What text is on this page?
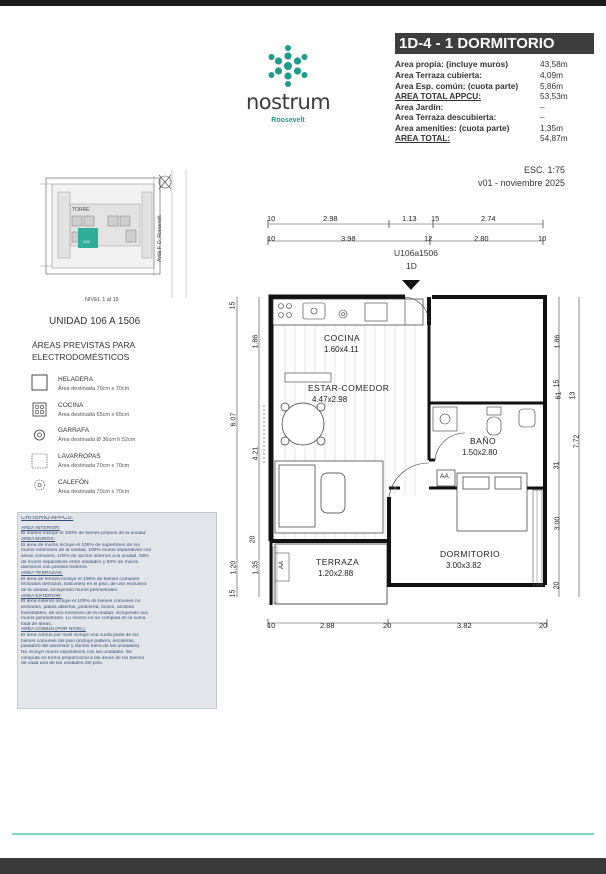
nostrum
Roosevelt
1D-4 - 1 DORMITORIO
Area propia: (incluye muros)	43,58m
Area Terraza cubierta:	4,09m
Area Esp. común: (cuota parte)	5,86m
AREA TOTAL APPCU:	53,53m
Area Jardín:	–
Area Terraza descubierta:	–
Area amenities: (cuota parte)	1,35m
AREA TOTAL:	54,87m
ESC. 1:75
v01 - noviembre 2025
TORRE
106	Avda F. D. Roosevelt
NIVEL 1 al 15
UNIDAD 106 A 1506
ÁREAS PREVISTAS PARA ELECTRODOMÉSTICOS
HELADERA
Área destinada 70cm x 70cm
COCINA
Área destinada 65cm x 65cm
GARRAFA
Área destinada Ø 36cm h:52cm
LAVARROPAS
Área destinada 70cm x 70cm
CALEFÓN
Área destinada 70cm x 70cm
CRITERIO APPCU:
AREA INTERIOR:
El interior incluye el 100% de bienes propios de la unidad.
AREA MUROS:
El área de muros incluye el 100% de superficies de los
muros exteriores de la unidad, 100% muros separativos con
áreas comunes, 100% de ductos internos a la unidad, 50%
de muros separativos entre unidades y 50% de muros
divisorios con predios linderos.
AREA TERRAZAS:
El área de terraza incluye el 100% de bienes comunes
techados (terrazas, balcones) en el piso, de uso exclusivo
de la unidad, incluyendo muros perimetrales.
AREA EXTERIOR:
El área exterior incluye el 100% de bienes comunes no
techados, patios abiertos, jardinería, boxes, azoteas
transitables, de uso exclusivo de la unidad, incluyendo sus
muros perimetrales. Lo mismo no se computa en la suma
total de áreas.
AREA COMUN (POR NIVEL):
El área común por nivel incluye una cuota parte de los
bienes comunes del piso (incluye palliers, escaleras,
pasadizo del ascensor y ductos fuera de las unidades).
No incluye muros separativos con las unidades. Se
computa en forma proporcional a las áreas de los bienes
de cada una de las unidades del piso.
U106a1506
1D
10	2.98	1.13 15	2.74
10	3.98	12	2.80	10
10	2.88	20	3.82	20
15
1.86
6.07
4.21
20
1.35
1.20
15
1.86
15
61 13
7.72
31
3.00
20
COCINA
1.60x4.11
ESTAR-COMEDOR
4.47x2.98
BAÑO
1.50x2.80
TERRAZA
1.20x2.88
DORMITORIO
3.00x3.82
AA
AA
